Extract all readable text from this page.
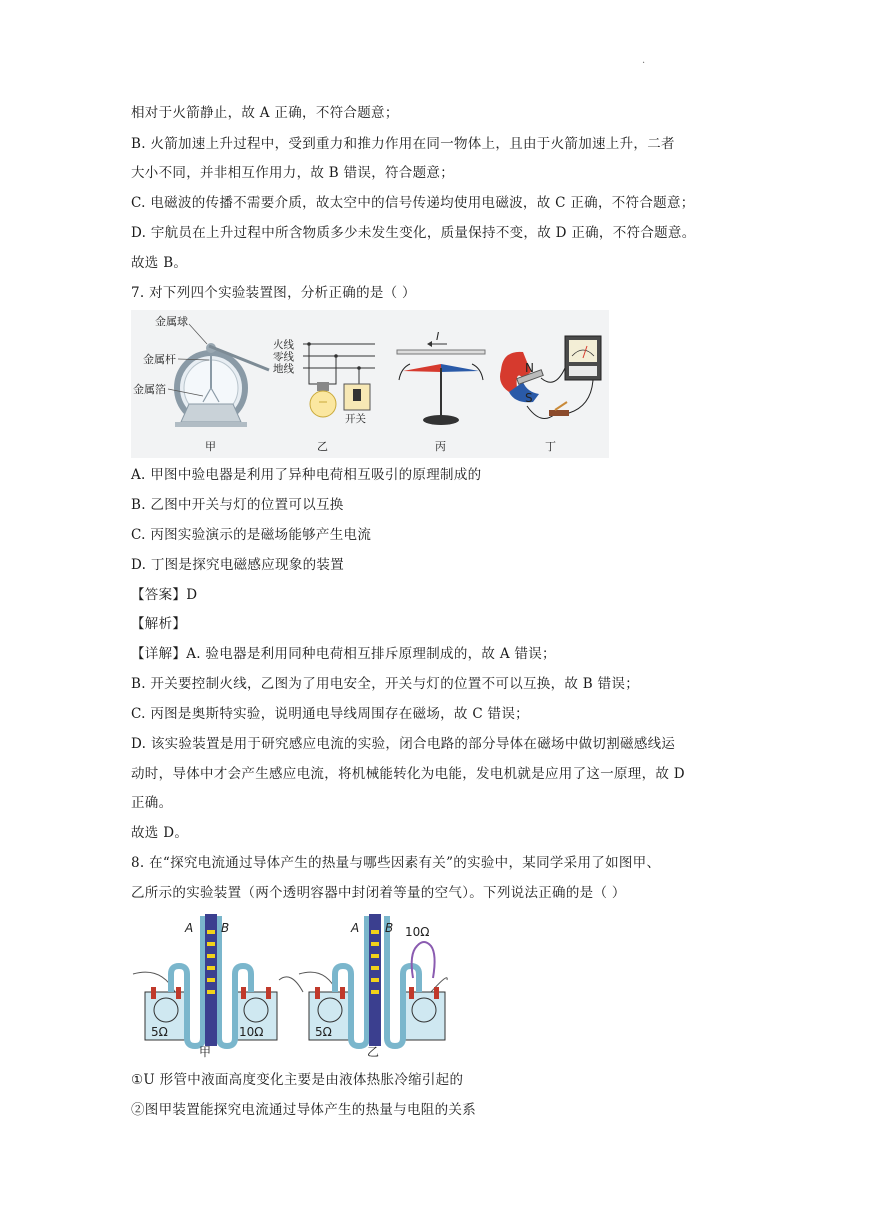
·
相对于火箭静止，故 A 正确，不符合题意；
B. 火箭加速上升过程中，受到重力和推力作用在同一物体上，且由于火箭加速上升，二者
大小不同，并非相互作用力，故 B 错误，符合题意；
C. 电磁波的传播不需要介质，故太空中的信号传递均使用电磁波，故 C 正确，不符合题意；
D. 宇航员在上升过程中所含物质多少未发生变化，质量保持不变，故 D 正确，不符合题意。
故选 B。
7. 对下列四个实验装置图，分析正确的是（ ）
金属球
金属杆
金属箔
甲
火线
零线
地线
开关
乙
I
丙
N
S
丁
A. 甲图中验电器是利用了异种电荷相互吸引的原理制成的
B. 乙图中开关与灯的位置可以互换
C. 丙图实验演示的是磁场能够产生电流
D. 丁图是探究电磁感应现象的装置
【答案】D
【解析】
【详解】A. 验电器是利用同种电荷相互排斥原理制成的，故 A 错误；
B. 开关要控制火线，乙图为了用电安全，开关与灯的位置不可以互换，故 B 错误；
C. 丙图是奥斯特实验，说明通电导线周围存在磁场，故 C 错误；
D. 该实验装置是用于研究感应电流的实验，闭合电路的部分导体在磁场中做切割磁感线运
动时，导体中才会产生感应电流，将机械能转化为电能，发电机就是应用了这一原理，故 D
正确。
故选 D。
8. 在“探究电流通过导体产生的热量与哪些因素有关”的实验中，某同学采用了如图甲、
乙所示的实验装置（两个透明容器中封闭着等量的空气）。下列说法正确的是（ ）
5Ω	10Ω
A B
甲
5Ω
A B 10Ω
乙
①U 形管中液面高度变化主要是由液体热胀冷缩引起的
②图甲装置能探究电流通过导体产生的热量与电阻的关系
